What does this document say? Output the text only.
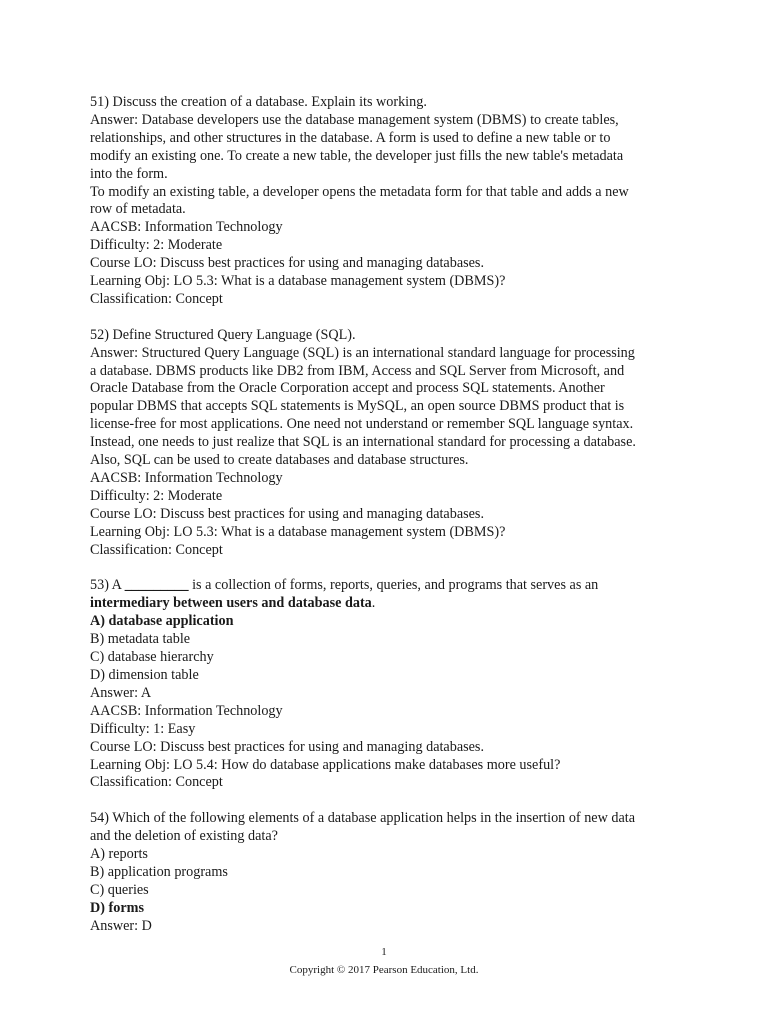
51) Discuss the creation of a database. Explain its working.
Answer: Database developers use the database management system (DBMS) to create tables,
relationships, and other structures in the database. A form is used to define a new table or to
modify an existing one. To create a new table, the developer just fills the new table's metadata
into the form.
To modify an existing table, a developer opens the metadata form for that table and adds a new
row of metadata.
AACSB: Information Technology
Difficulty: 2: Moderate
Course LO: Discuss best practices for using and managing databases.
Learning Obj: LO 5.3: What is a database management system (DBMS)?
Classification: Concept
52) Define Structured Query Language (SQL).
Answer: Structured Query Language (SQL) is an international standard language for processing
a database. DBMS products like DB2 from IBM, Access and SQL Server from Microsoft, and
Oracle Database from the Oracle Corporation accept and process SQL statements. Another
popular DBMS that accepts SQL statements is MySQL, an open source DBMS product that is
license-free for most applications. One need not understand or remember SQL language syntax.
Instead, one needs to just realize that SQL is an international standard for processing a database.
Also, SQL can be used to create databases and database structures.
AACSB: Information Technology
Difficulty: 2: Moderate
Course LO: Discuss best practices for using and managing databases.
Learning Obj: LO 5.3: What is a database management system (DBMS)?
Classification: Concept
53) A _________ is a collection of forms, reports, queries, and programs that serves as an
intermediary between users and database data.
A) database application
B) metadata table
C) database hierarchy
D) dimension table
Answer: A
AACSB: Information Technology
Difficulty: 1: Easy
Course LO: Discuss best practices for using and managing databases.
Learning Obj: LO 5.4: How do database applications make databases more useful?
Classification: Concept
54) Which of the following elements of a database application helps in the insertion of new data
and the deletion of existing data?
A) reports
B) application programs
C) queries
D) forms
Answer: D
1
Copyright © 2017 Pearson Education, Ltd.
